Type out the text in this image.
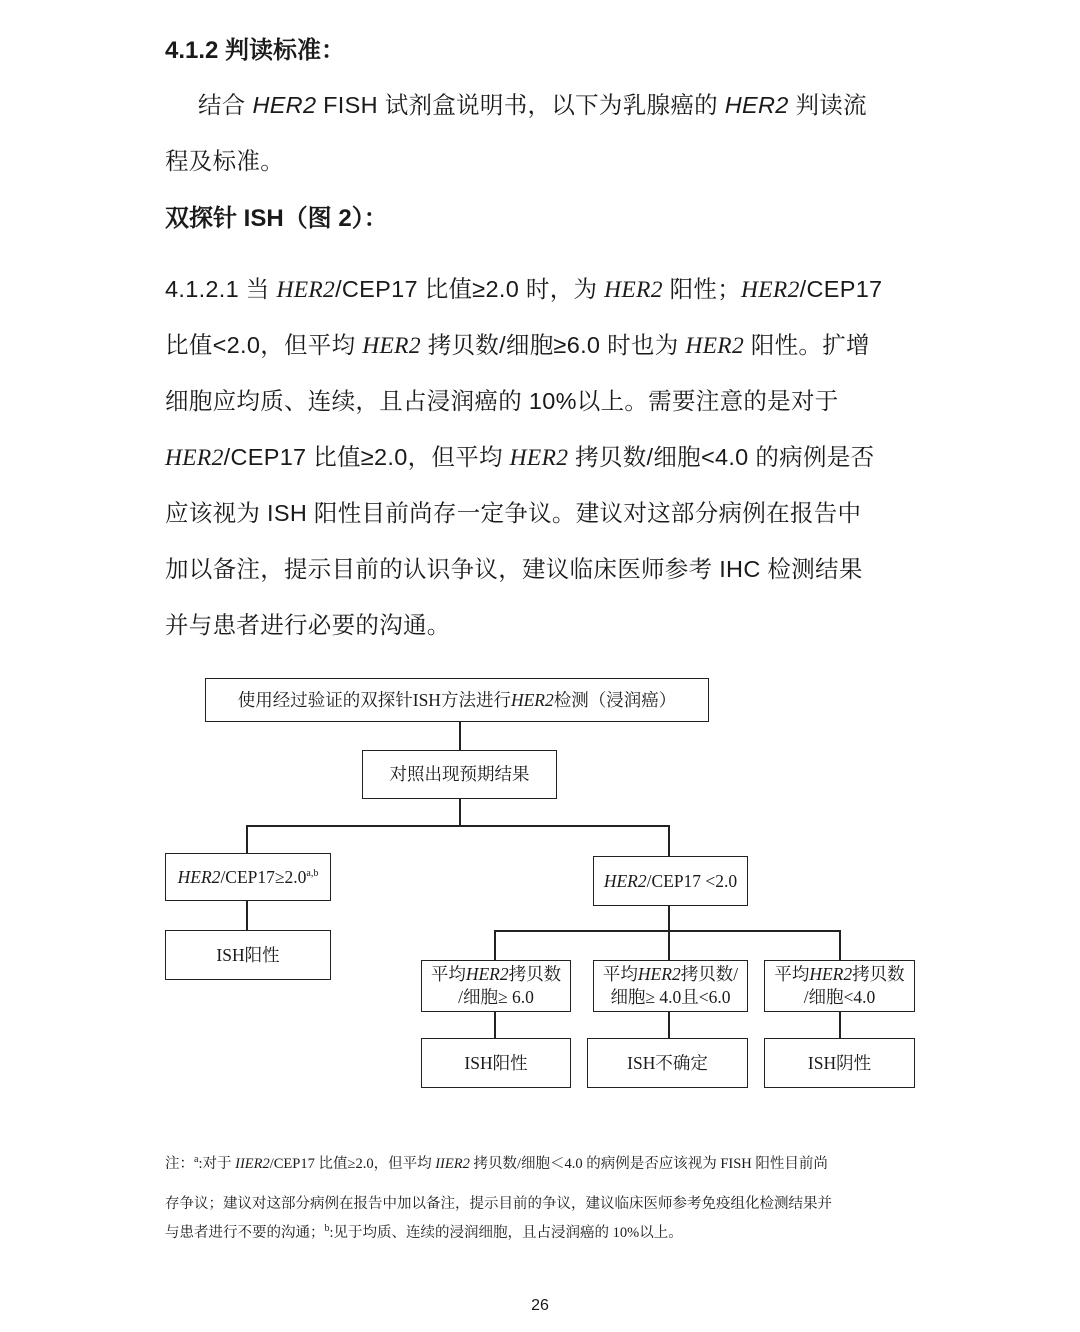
4.1.2 判读标准：
结合 HER2 FISH 试剂盒说明书，以下为乳腺癌的 HER2 判读流
程及标准。
双探针 ISH（图 2）：
4.1.2.1 当 HER2/CEP17 比值≥2.0 时，为 HER2 阳性；HER2/CEP17
比值<2.0，但平均 HER2 拷贝数/细胞≥6.0 时也为 HER2 阳性。扩增
细胞应均质、连续，且占浸润癌的 10%以上。需要注意的是对于
HER2/CEP17 比值≥2.0，但平均 HER2 拷贝数/细胞<4.0 的病例是否
应该视为 ISH 阳性目前尚存一定争议。建议对这部分病例在报告中
加以备注，提示目前的认识争议，建议临床医师参考 IHC 检测结果
并与患者进行必要的沟通。
使用经过验证的双探针ISH方法进行HER2检测（浸润癌）
对照出现预期结果
$HER2/CEP17\ge 2.0^{a,b}$	HER2/CEP17 <2.0
ISH阳性
平均HER2拷贝数
/细胞≥ 6.0
平均HER2拷贝数/
细胞≥ 4.0且<6.0
平均HER2拷贝数
/细胞<4.0
ISH阳性	ISH不确定	ISH阴性
注：$^a$:对于 IIER2/CEP17 比值≥2.0，但平均 IIER2 拷贝数/细胞＜4.0 的病例是否应该视为 FISH 阳性目前尚
存争议；建议对这部分病例在报告中加以备注，提示目前的争议，建议临床医师参考免疫组化检测结果并
与患者进行不要的沟通；$^b$:见于均质、连续的浸润细胞，且占浸润癌的 10%以上。
26
